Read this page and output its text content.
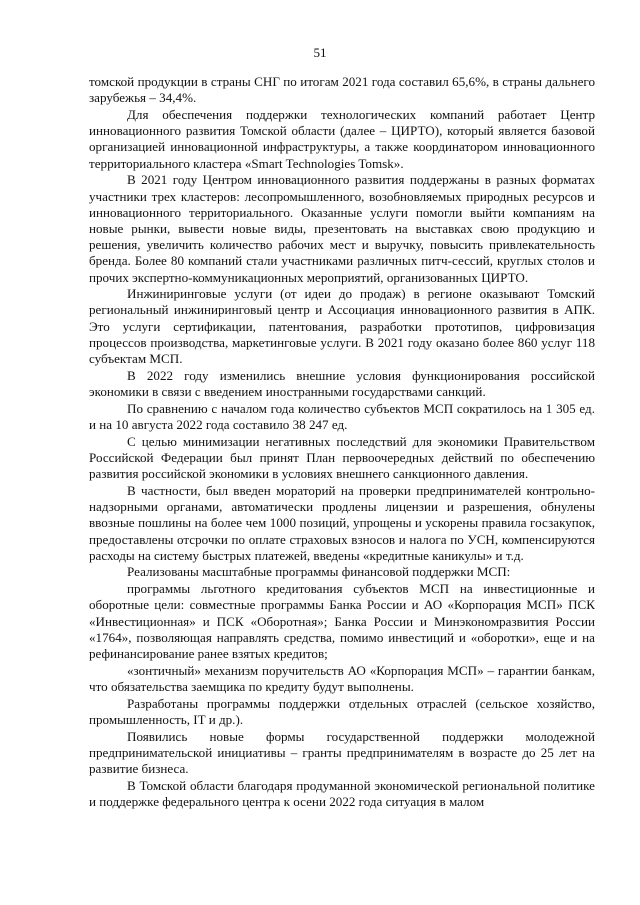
51

томской продукции в страны СНГ по итогам 2021 года составил 65,6%, в страны дальнего зарубежья – 34,4%.

Для обеспечения поддержки технологических компаний работает Центр инновационного развития Томской области (далее – ЦИРТО), который является базовой организацией инновационной инфраструктуры, а также координатором инновационного территориального кластера «Smart Technologies Tomsk».

В 2021 году Центром инновационного развития поддержаны в разных форматах участники трех кластеров: лесопромышленного, возобновляемых природных ресурсов и инновационного территориального. Оказанные услуги помогли выйти компаниям на новые рынки, вывести новые виды, презентовать на выставках свою продукцию и решения, увеличить количество рабочих мест и выручку, повысить привлекательность бренда. Более 80 компаний стали участниками различных питч-сессий, круглых столов и прочих экспертно-коммуникационных мероприятий, организованных ЦИРТО.

Инжиниринговые услуги (от идеи до продаж) в регионе оказывают Томский региональный инжиниринговый центр и Ассоциация инновационного развития в АПК. Это услуги сертификации, патентования, разработки прототипов, цифровизация процессов производства, маркетинговые услуги. В 2021 году оказано более 860 услуг 118 субъектам МСП.

В 2022 году изменились внешние условия функционирования российской экономики в связи с введением иностранными государствами санкций.

По сравнению с началом года количество субъектов МСП сократилось на 1 305 ед. и на 10 августа 2022 года составило 38 247 ед.

С целью минимизации негативных последствий для экономики Правительством Российской Федерации был принят План первоочередных действий по обеспечению развития российской экономики в условиях внешнего санкционного давления.

В частности, был введен мораторий на проверки предпринимателей контрольно-надзорными органами, автоматически продлены лицензии и разрешения, обнулены ввозные пошлины на более чем 1000 позиций, упрощены и ускорены правила госзакупок, предоставлены отсрочки по оплате страховых взносов и налога по УСН, компенсируются расходы на систему быстрых платежей, введены «кредитные каникулы» и т.д.

Реализованы масштабные программы финансовой поддержки МСП:

программы льготного кредитования субъектов МСП на инвестиционные и оборотные цели: совместные программы Банка России и АО «Корпорация МСП» ПСК «Инвестиционная» и ПСК «Оборотная»; Банка России и Минэкономразвития России «1764», позволяющая направлять средства, помимо инвестиций и «оборотки», еще и на рефинансирование ранее взятых кредитов;

«зонтичный» механизм поручительств АО «Корпорация МСП» – гарантии банкам, что обязательства заемщика по кредиту будут выполнены.

Разработаны программы поддержки отдельных отраслей (сельское хозяйство, промышленность, IT и др.).

Появились новые формы государственной поддержки молодежной предпринимательской инициативы – гранты предпринимателям в возрасте до 25 лет на развитие бизнеса.

В Томской области благодаря продуманной экономической региональной политике и поддержке федерального центра к осени 2022 года ситуация в малом
